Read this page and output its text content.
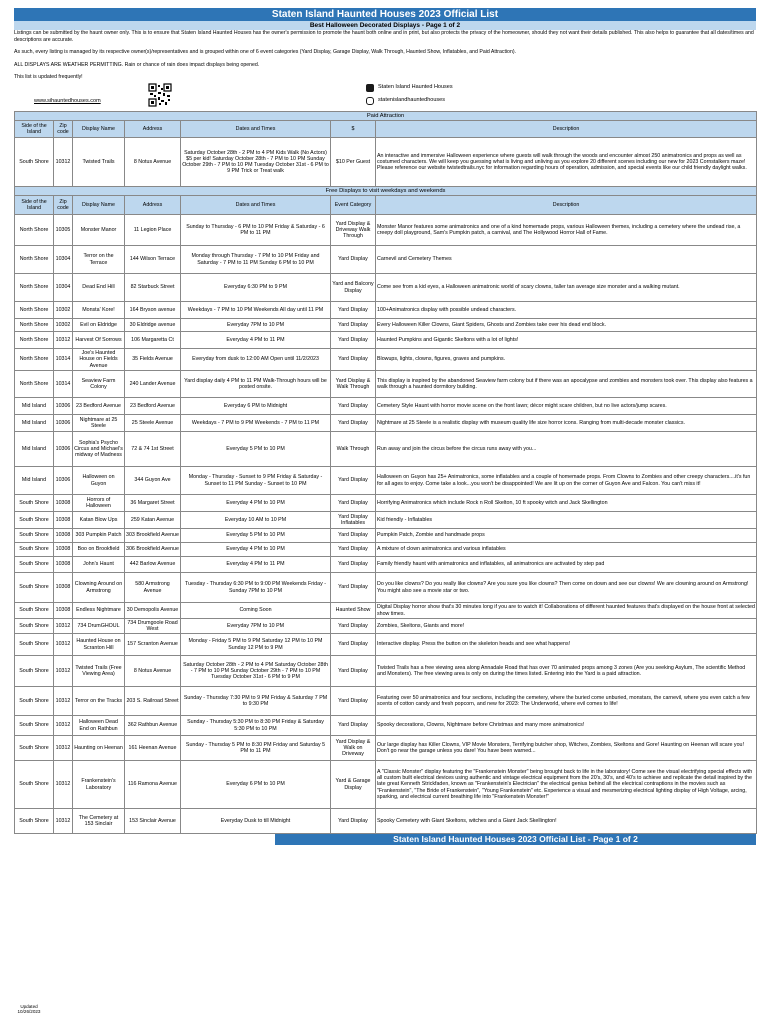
Staten Island Haunted Houses 2023 Official List
Best Halloween Decorated Displays - Page 1 of 2

Listings can be submitted by the haunt owner only. This is to ensure that Staten Island Haunted Houses has the owner's permission to promote the haunt both online and in print, but also protects the privacy of the homeowner, should they not want their details published. This also helps to guarantee that all dates/times and descriptions are accurate.

As such, every listing is managed by its respective owner(s)/representatives and is grouped within one of 6 event categories (Yard Display, Garage Display, Walk Through, Haunted Show, Inflatables, and Paid Attraction).

ALL DISPLAYS ARE WEATHER PERMITTING. Rain or chance of rain does impact displays being opened.

This list is updated frequently!

www.sihauntedhouses.com
Staten Island Haunted Houses
statenislandhauntedhouses
Paid Attraction						
Side of the Island	Zip code	Display Name	Address	Dates and Times	$	Description
South Shore	10312	Twisted Trails	8 Notus Avenue	Saturday October 28th - 2 PM to 4 PM Kids Walk (No Actors) $5 per kid! Saturday October 28th - 7 PM to 10 PM Sunday October 29th - 7 PM to 10 PM Tuesday October 31st - 6 PM to 9 PM Trick or Treat walk	$10 Per Guest	An interactive and immersive Halloween experience where guests will walk through the woods and encounter almost 250 animatronics and props as well as costumed characters. We will keep you guessing what is living and unliving as you explore 20 different scenes including our new for 2023 Cornstalkers maze! Please reference our website twistedtrails.nyc for information regarding hours of operation, admission, and special events like our child friendly daylight walks.
Free Displays to visit weekdays and weekends						
Side of the Island	Zip code	Display Name	Address	Dates and Times	Event Category	Description
North Shore	10305	Monster Manor	11 Legion Place	Sunday to Thursday - 6 PM to 10 PM Friday & Saturday - 6 PM to 11 PM	Yard Display & Driveway Walk Through	Monster Manor features some animatronics and one of a kind homemade props, various Halloween themes, including a cemetery where the undead rise, a creepy doll playground, Sam's Pumpkin patch, a carnival, and The Hollywood Horror Hall of Fame.
North Shore	10304	Terror on the Terrace	144 Wilson Terrace	Monday through Thursday - 7 PM to 10 PM Friday and Saturday - 7 PM to 11 PM Sunday 6 PM to 10 PM	Yard Display	Carnevil and Cemetery Themes
North Shore	10304	Dead End Hill	82 Starbuck Street	Everyday 6:30 PM to 9 PM	Yard and Balcony Display	Come see from a kid eyes, a Halloween animatronic world of scary clowns, taller tan average size monster and a walking mutant.
North Shore	10302	Monsta' Kore!	164 Bryson avenue	Weekdays - 7 PM to 10 PM Weekends All day until 11 PM	Yard Display	100+Animatronics display with possible undead characters.
North Shore	10302	Evil on Eldridge	30 Eldridge avenue	Everyday 7PM to 10 PM	Yard Display	Every Halloween Killer Clowns, Giant Spiders, Ghosts and Zombies take over his dead end block.
North Shore	10312	Harvest Of Sorrows	106 Margaretta Ct	Everyday 4 PM to 11 PM	Yard Display	Haunted Pumpkins and Gigantic Skeltons with a lot of lights!
North Shore	10314	Joe's Haunted House on Fields Avenue	35 Fields Avenue	Everyday from dusk to 12:00 AM Open until 11/2/2023	Yard Display	Blowups, lights, clowns, figures, graves and pumpkins.
North Shore	10314	Seaview Farm Colony	240 Lander Avenue	Yard display daily 4 PM to 11 PM Walk-Through hours will be posted onsite.	Yard Display & Walk Through	This display is inspired by the abandoned Seaview farm colony but if there was an apocalypse and zombies and monsters took over. This display also features a walk through a haunted dormitory building.
Mid Island	10306	23 Bedford Avenue	23 Bedford Avenue	Everyday 6 PM to Midnight	Yard Display	Cemetery Style Haunt with horror movie scene on the front lawn; décor might scare children, but no live actors/jump scares.
Mid Island	10306	Nightmare at 25 Steele	25 Steele Avenue	Weekdays - 7 PM to 9 PM Weekends - 7 PM to 11 PM	Yard Display	Nightmare at 25 Steele is a realistic display with museum quality life size horror icons. Ranging from multi-decade monster classics.
Mid Island	10306	Sophia's Psycho Circus and Michael's midway of Madness	72 & 74 1st Street	Everyday 5 PM to 10 PM	Walk Through	Run away and join the circus before the circus runs away with you...
Mid Island	10306	Halloween on Guyon	344 Guyon Ave	Monday - Thursday - Sunset to 9 PM Friday & Saturday - Sunset to 11 PM Sunday - Sunset to 10 PM	Yard Display	Halloween on Guyon has 25+ Animatronics, some inflatables and a couple of homemade props. From Clowns to Zombies and other creepy characters....it's fun for all ages to enjoy. Come take a look...you won't be disappointed! We are lit up on the corner of Guyon Ave and Falcon. You can't miss it!
South Shore	10308	Horrors of Halloween	36 Margaret Street	Everyday 4 PM to 10 PM	Yard Display	Horrifying Animatronics which include Rock n Roll Skelton, 10 ft spooky witch and Jack Skellington
South Shore	10308	Katan Blow Ups	259 Katan Avenue	Everyday 10 AM to 10 PM	Yard Display Inflatables	Kid friendly - Inflatables
South Shore	10308	303 Pumpkin Patch	303 Brookfield Avenue	Everyday 5 PM to 10 PM	Yard Display	Pumpkin Patch, Zombie and handmade props
South Shore	10308	Boo on Brookfield	306 Brookfield Avenue	Everyday 4 PM to 10 PM	Yard Display	A mixture of clown animatronics and various inflatables
South Shore	10308	John's Haunt	442 Barlow Avenue	Everyday 4 PM to 11 PM	Yard Display	Family friendly haunt with animatronics and inflatables, all animatronics are activated by step pad
South Shore	10308	Clowning Around on Armstrong	580 Armstrong Avenue	Tuesday - Thursday 6:30 PM to 9:00 PM Weekends Friday - Sunday 7PM to 10 PM	Yard Display	Do you like clowns? Do you really like clowns? Are you sure you like clowns? Then come on down and see our clowns! We are clowning around on Armstrong! You might also see a movie star or two.
South Shore	10308	Endless Nightmare	30 Demopolis Avenue	Coming Soon	Haunted Show	Digital Display horror show that's 30 minutes long if you are to watch it! Collaborations of different haunted features that's displayed on the house front at selected show times.
South Shore	10312	734 DrumGHOUL	734 Drumgoole Road West	Everyday 7PM to 10 PM	Yard Display	Zombies, Skeltons, Giants and more!
South Shore	10312	Haunted House on Scranton Hill	157 Scranton Avenue	Monday - Friday 5 PM to 9 PM Saturday 12 PM to 10 PM Sunday 12 PM to 9 PM	Yard Display	Interactive display. Press the button on the skeleton heads and see what happens!
South Shore	10312	Twisted Trails (Free Viewing Area)	8 Notus Avenue	Saturday October 28th - 2 PM to 4 PM Saturday October 28th - 7 PM to 10 PM Sunday October 29th - 7 PM to 10 PM Tuesday October 31st - 6 PM to 9 PM	Yard Display	Twisted Trails has a free viewing area along Annadale Road that has over 70 animated props among 3 zones (Are you seeking Asylum, The scientific Method and Monsters). The free viewing area is only on during the times listed. Entering into the Yard is a paid attraction.
South Shore	10312	Terror on the Tracks	203 S. Railroad Street	Sunday - Thursday 7:30 PM to 9 PM Friday & Saturday 7 PM to 9:30 PM	Yard Display	Featuring over 50 animatronics and four sections, including the cemetery, where the buried come unburied, monstars, the carnevil, where you even catch a few scents of cotton candy and fresh popcorn, and new for 2023: The Underworld, where evil comes to life!
South Shore	10312	Halloween Dead End on Rathbun	362 Rathbun Avenue	Sunday - Thursday 5:30 PM to 8:30 PM Friday & Saturday 5:30 PM to 10 PM	Yard Display	Spooky decorations, Clowns, Nightmare before Christmas and many more animatronics!
South Shore	10312	Haunting on Heenan	161 Heenan Avenue	Sunday - Thursday 5 PM to 8:30 PM Friday and Saturday 5 PM to 11 PM	Yard Display & Walk on Driveway	Our large display has Killer Clowns, VIP Movie Monsters, Terrifying butcher shop, Witches, Zombies, Skeltons and Gore! Haunting on Heenan will scare you! Don't go near the garage unless you dare! You have been warned...
South Shore	10312	Frankenstein's Laboratory	116 Ramona Avenue	Everyday 6 PM to 10 PM	Yard & Garage Display	A "Classic Monster" display featuring the "Frankenstein Monster" being brought back to life in the laboratory! Come see the visual electrifying special effects with all custom built electrical devices using authentic and vintage electrical equipment from the 20's, 30's, and 40's to achieve and replicate the detail inspired by the late great Kenneth Strickfaden, known as "Frankenstein's Electrician" the electrical genius behind all the electrical contraptions in the movies such as "Frankenstein", "The Bride of Frankenstein", "Young Frankenstein" etc. Experience a visual and mesmerizing electrical lighting display of High Voltage, arcing, sparking, and electrical current breathing life into "Frankenstein Monster!"
South Shore	10312	The Cemetery at 153 Sinclair	153 Sinclair Avenue	Everyday Dusk to till Midnight	Yard Display	Spooky Cemetery with Giant Skeltons, witches and a Giant Jack Skellington!
Staten Island Haunted Houses 2023 Official List - Page 1 of 2
Updated 10/26/2023
